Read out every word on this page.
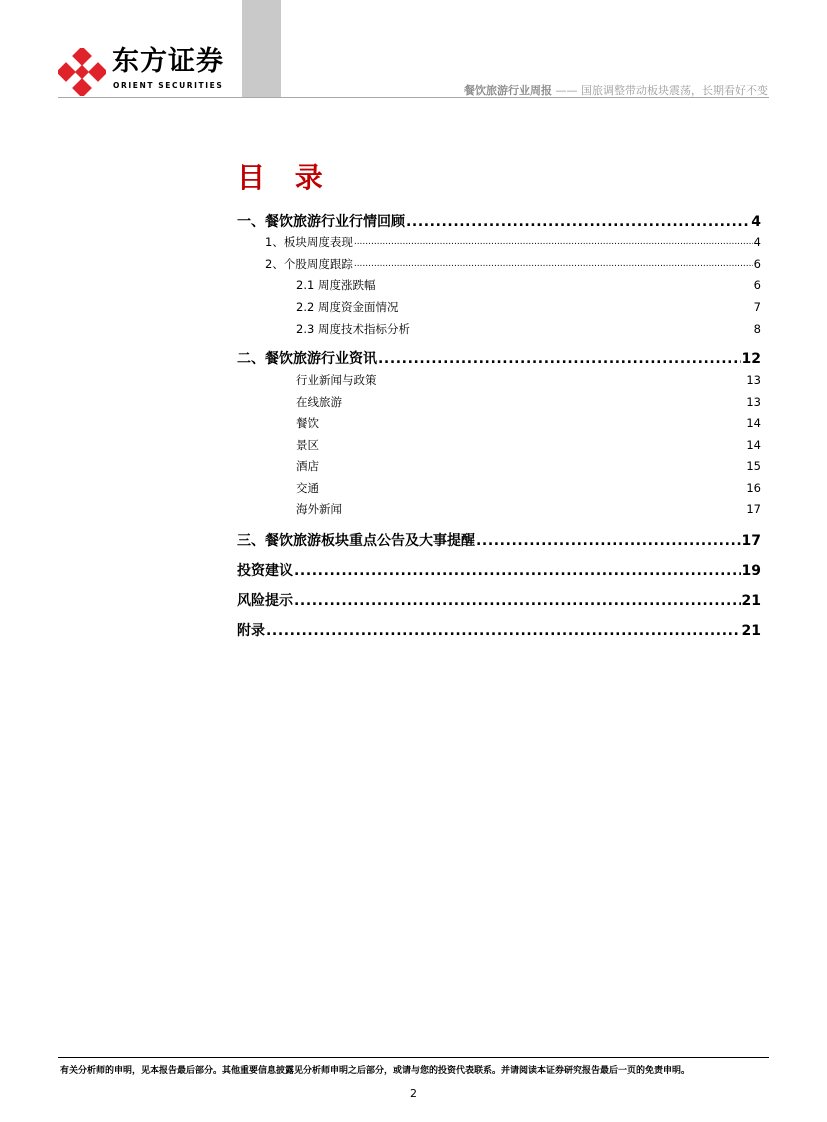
东方证券
ORIENT SECURITIES	餐饮旅游行业周报 —— 国旅调整带动板块震荡，长期看好不变
目 录
一、餐饮旅游行业行情回顾 .....	4
1、板块周度表现 .....	4
2、个股周度跟踪 .....	6
2.1 周度涨跌幅	6
2.2 周度资金面情况	7
2.3 周度技术指标分析	8
二、餐饮旅游行业资讯 .....	12
行业新闻与政策	13
在线旅游	13
餐饮	14
景区	14
酒店	15
交通	16
海外新闻	17
三、餐饮旅游板块重点公告及大事提醒 .....	17
投资建议 .....	19
风险提示 .....	21
附录 .....	21
有关分析师的申明，见本报告最后部分。其他重要信息披露见分析师申明之后部分，或请与您的投资代表联系。并请阅读本证券研究报告最后一页的免责申明。
2
